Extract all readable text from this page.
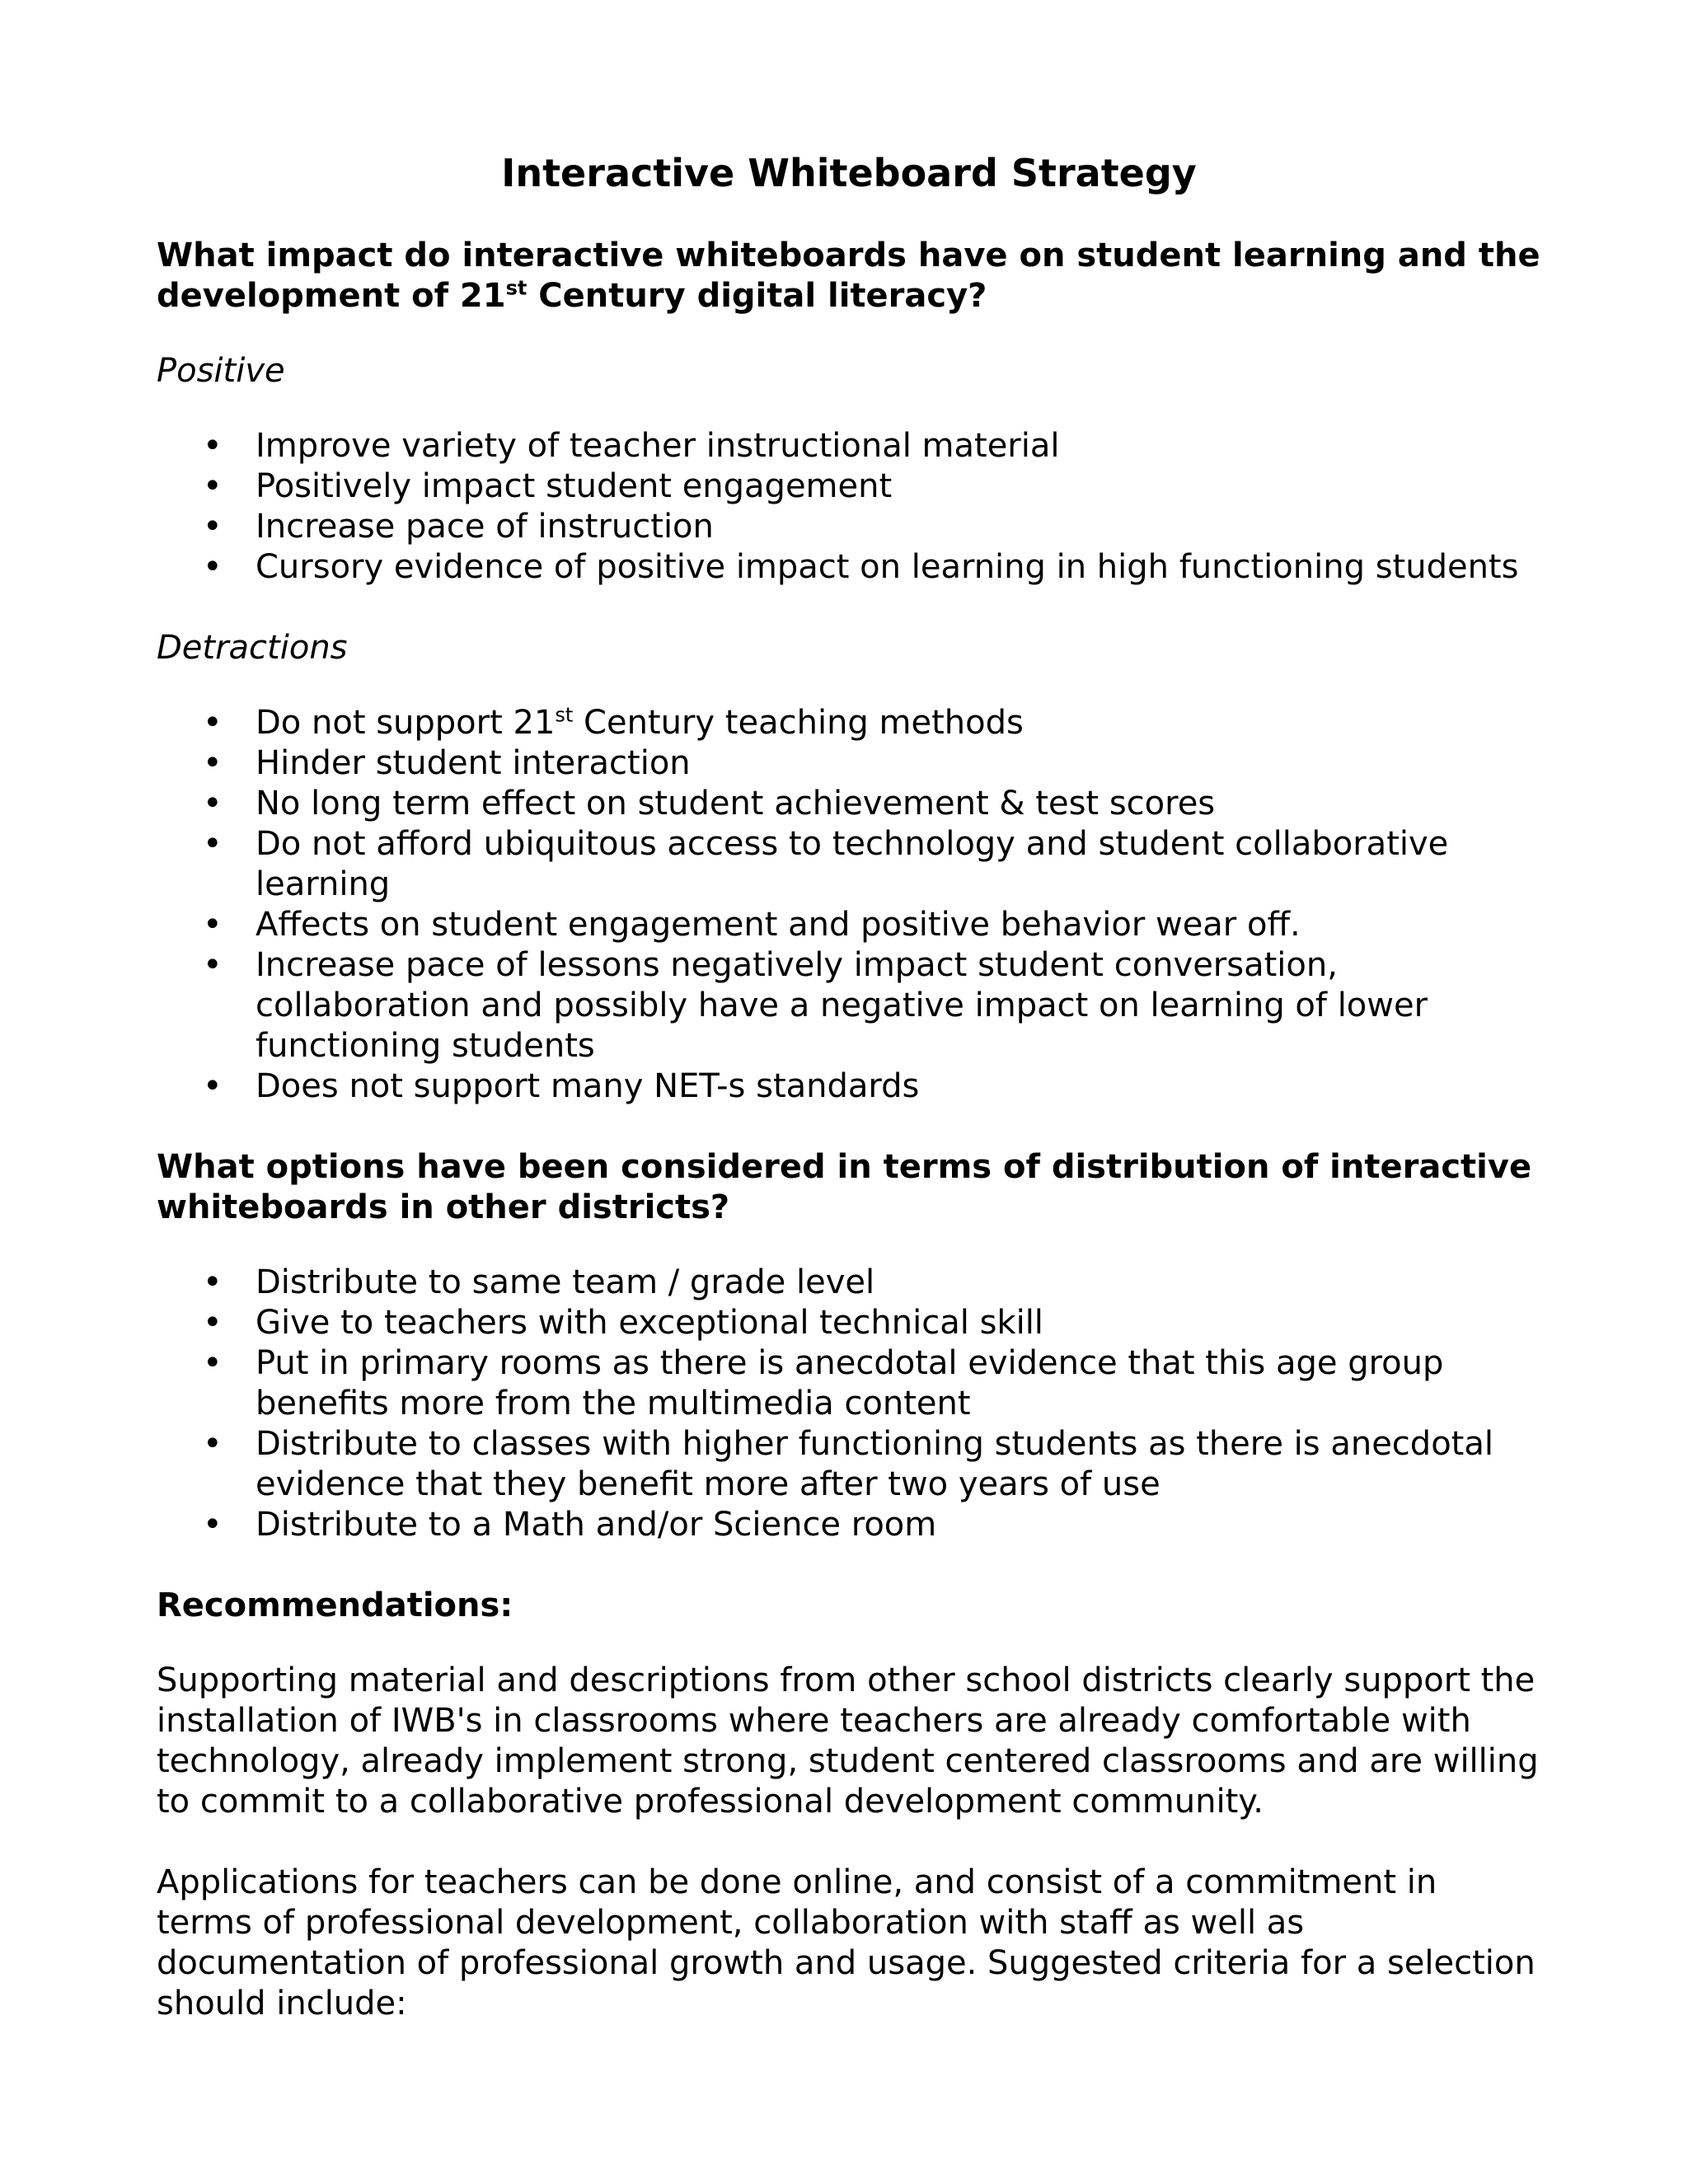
Interactive Whiteboard Strategy

What impact do interactive whiteboards have on student learning and the development of 21st Century digital literacy?

Positive

• Improve variety of teacher instructional material
• Positively impact student engagement
• Increase pace of instruction
• Cursory evidence of positive impact on learning in high functioning students

Detractions

• Do not support 21st Century teaching methods
• Hinder student interaction
• No long term effect on student achievement & test scores
• Do not afford ubiquitous access to technology and student collaborative learning
• Affects on student engagement and positive behavior wear off.
• Increase pace of lessons negatively impact student conversation, collaboration and possibly have a negative impact on learning of lower functioning students
• Does not support many NET-s standards

What options have been considered in terms of distribution of interactive whiteboards in other districts?

• Distribute to same team / grade level
• Give to teachers with exceptional technical skill
• Put in primary rooms as there is anecdotal evidence that this age group benefits more from the multimedia content
• Distribute to classes with higher functioning students as there is anecdotal evidence that they benefit more after two years of use
• Distribute to a Math and/or Science room

Recommendations:

Supporting material and descriptions from other school districts clearly support the installation of IWB's in classrooms where teachers are already comfortable with technology, already implement strong, student centered classrooms and are willing to commit to a collaborative professional development community.

Applications for teachers can be done online, and consist of a commitment in terms of professional development, collaboration with staff as well as documentation of professional growth and usage. Suggested criteria for a selection should include:
